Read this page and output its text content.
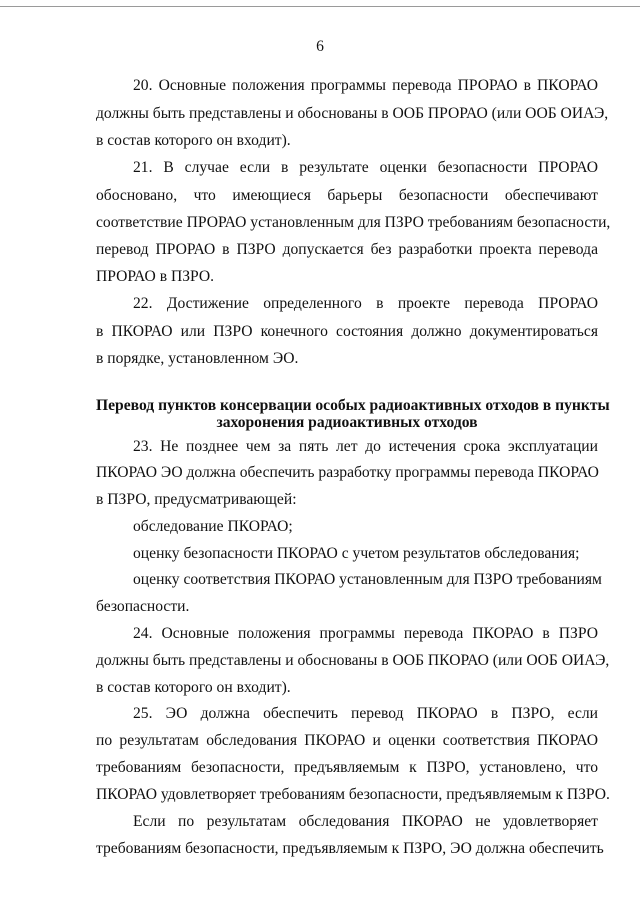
6
20. Основные положения программы перевода ПРОРАО в ПКОРАО
должны быть представлены и обоснованы в ООБ ПРОРАО (или ООБ ОИАЭ,
в состав которого он входит).
21. В случае если в результате оценки безопасности ПРОРАО
обосновано, что имеющиеся барьеры безопасности обеспечивают
соответствие ПРОРАО установленным для ПЗРО требованиям безопасности,
перевод ПРОРАО в ПЗРО допускается без разработки проекта перевода
ПРОРАО в ПЗРО.
22. Достижение определенного в проекте перевода ПРОРАО
в ПКОРАО или ПЗРО конечного состояния должно документироваться
в порядке, установленном ЭО.
Перевод пунктов консервации особых радиоактивных отходов в пункты
захоронения радиоактивных отходов
23. Не позднее чем за пять лет до истечения срока эксплуатации
ПКОРАО ЭО должна обеспечить разработку программы перевода ПКОРАО
в ПЗРО, предусматривающей:
обследование ПКОРАО;
оценку безопасности ПКОРАО с учетом результатов обследования;
оценку соответствия ПКОРАО установленным для ПЗРО требованиям
безопасности.
24. Основные положения программы перевода ПКОРАО в ПЗРО
должны быть представлены и обоснованы в ООБ ПКОРАО (или ООБ ОИАЭ,
в состав которого он входит).
25. ЭО должна обеспечить перевод ПКОРАО в ПЗРО, если
по результатам обследования ПКОРАО и оценки соответствия ПКОРАО
требованиям безопасности, предъявляемым к ПЗРО, установлено, что
ПКОРАО удовлетворяет требованиям безопасности, предъявляемым к ПЗРО.
Если по результатам обследования ПКОРАО не удовлетворяет
требованиям безопасности, предъявляемым к ПЗРО, ЭО должна обеспечить
